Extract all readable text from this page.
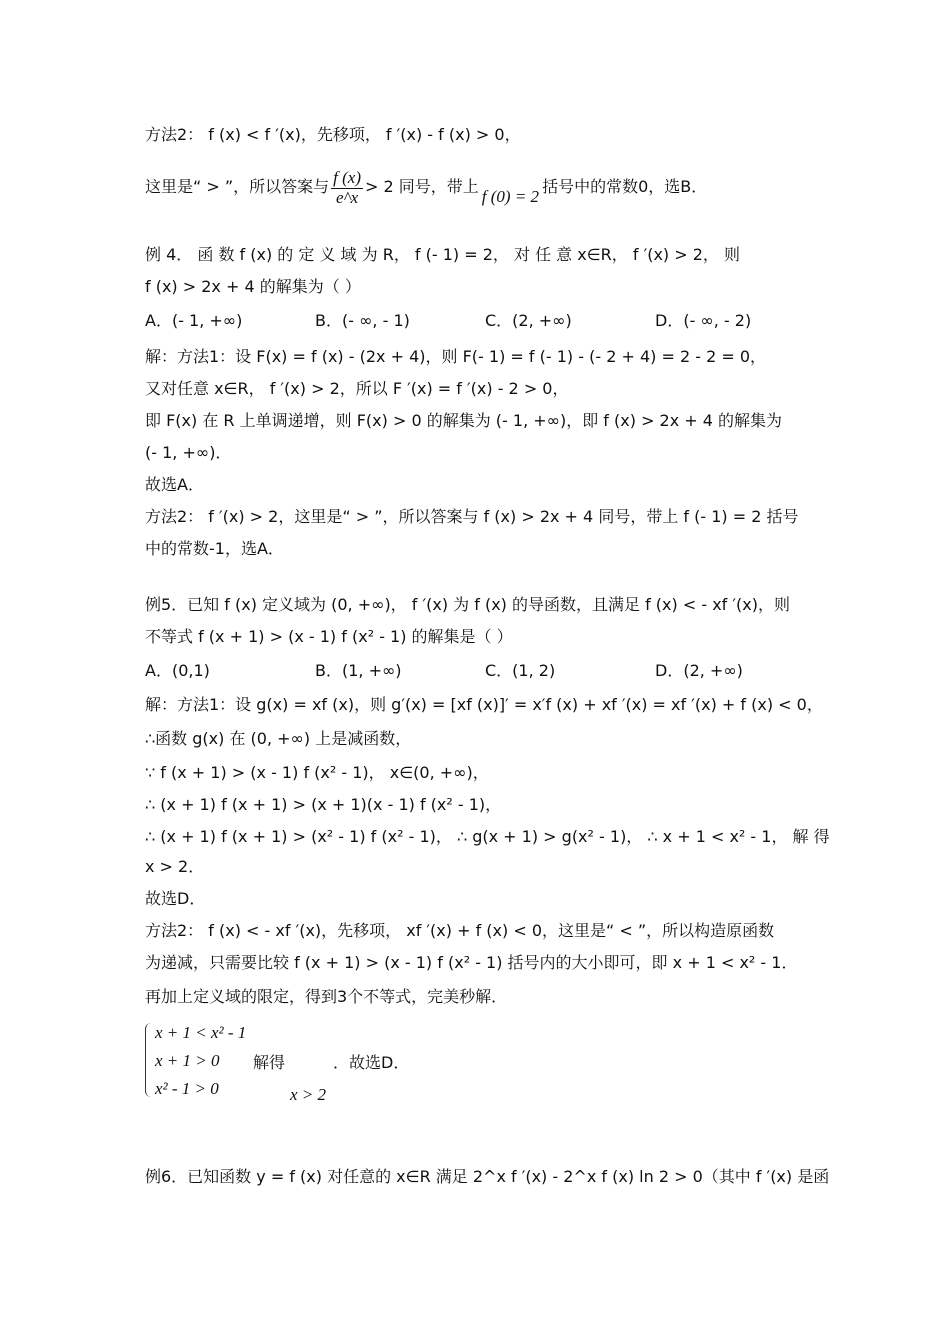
方法2： f (x) < f ′(x)，先移项， f ′(x) - f (x) > 0，
这里是“ > ”，所以答案与 $\frac{f (x)}{e\^{}x} > 2$ 同号，带上
f (0) = 2
括号中的常数0，选B．
例 4． 函 数 f (x) 的 定 义 域 为 R， f (- 1) = 2， 对 任 意 x∈R， f ′(x) > 2， 则
f (x) > 2x + 4 的解集为（ ）
A．(- 1, +∞)	B．(- ∞, - 1)	C．(2, +∞)	D．(- ∞, - 2)
解：方法1：设 F(x) = f (x) - (2x + 4)，则 F(- 1) = f (- 1) - (- 2 + 4) = 2 - 2 = 0，
又对任意 x∈R， f ′(x) > 2，所以 F ′(x) = f ′(x) - 2 > 0，
即 F(x) 在 R 上单调递增，则 F(x) > 0 的解集为 (- 1, +∞)，即 f (x) > 2x + 4 的解集为
(- 1, +∞)．
故选A．
方法2： f ′(x) > 2，这里是“ > ”，所以答案与 f (x) > 2x + 4 同号，带上 f (- 1) = 2 括号
中的常数-1，选A．
例5．已知 f (x) 定义域为 (0, +∞)， f ′(x) 为 f (x) 的导函数，且满足 f (x) < - xf ′(x)，则
不等式 f (x + 1) > (x - 1) f (x² - 1) 的解集是（ ）
A．(0,1)	B．(1, +∞)	C．(1, 2)	D．(2, +∞)
解：方法1：设 g(x) = xf (x)，则 g′(x) = [xf (x)]′ = x′f (x) + xf ′(x) = xf ′(x) + f (x) < 0，
∴函数 g(x) 在 (0, +∞) 上是减函数，
∵ f (x + 1) > (x - 1) f (x² - 1)， x∈(0, +∞)，
∴ (x + 1) f (x + 1) > (x + 1)(x - 1) f (x² - 1)，
∴ (x + 1) f (x + 1) > (x² - 1) f (x² - 1)， ∴ g(x + 1) > g(x² - 1)， ∴ x + 1 < x² - 1， 解 得
x > 2．
故选D．
方法2： f (x) < - xf ′(x)，先移项， xf ′(x) + f (x) < 0，这里是“ < ”，所以构造原函数
为递减，只需要比较 f (x + 1) > (x - 1) f (x² - 1) 括号内的大小即可，即 x + 1 < x² - 1．
再加上定义域的限定，得到3个不等式，完美秒解．
x + 1 < x² - 1
x + 1 > 0
x² - 1 > 0
解得	．故选D．
x > 2
例6．已知函数 y = f (x) 对任意的 x∈R 满足 2^x f ′(x) - 2^x f (x) ln 2 > 0（其中 f ′(x) 是函
